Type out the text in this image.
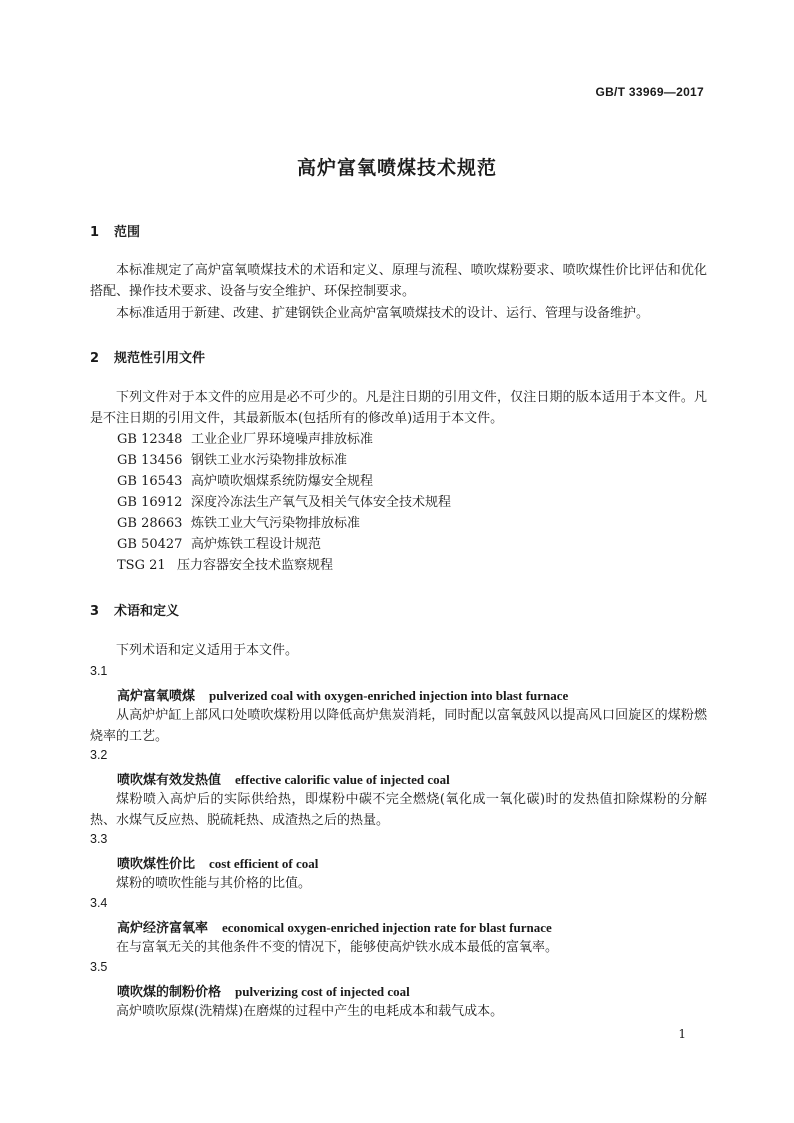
GB/T 33969—2017
高炉富氧喷煤技术规范
1 范围
本标准规定了高炉富氧喷煤技术的术语和定义、原理与流程、喷吹煤粉要求、喷吹煤性价比评估和优化搭配、操作技术要求、设备与安全维护、环保控制要求。
本标准适用于新建、改建、扩建钢铁企业高炉富氧喷煤技术的设计、运行、管理与设备维护。
2 规范性引用文件
下列文件对于本文件的应用是必不可少的。凡是注日期的引用文件，仅注日期的版本适用于本文件。凡是不注日期的引用文件，其最新版本(包括所有的修改单)适用于本文件。
GB 12348 工业企业厂界环境噪声排放标准
GB 13456 钢铁工业水污染物排放标准
GB 16543 高炉喷吹烟煤系统防爆安全规程
GB 16912 深度冷冻法生产氧气及相关气体安全技术规程
GB 28663 炼铁工业大气污染物排放标准
GB 50427 高炉炼铁工程设计规范
TSG 21 压力容器安全技术监察规程
3 术语和定义
下列术语和定义适用于本文件。
3.1
高炉富氧喷煤 pulverized coal with oxygen-enriched injection into blast furnace
从高炉炉缸上部风口处喷吹煤粉用以降低高炉焦炭消耗，同时配以富氧鼓风以提高风口回旋区的煤粉燃烧率的工艺。
3.2
喷吹煤有效发热值 effective calorific value of injected coal
煤粉喷入高炉后的实际供给热，即煤粉中碳不完全燃烧(氧化成一氧化碳)时的发热值扣除煤粉的分解热、水煤气反应热、脱硫耗热、成渣热之后的热量。
3.3
喷吹煤性价比 cost efficient of coal
煤粉的喷吹性能与其价格的比值。
3.4
高炉经济富氧率 economical oxygen-enriched injection rate for blast furnace
在与富氧无关的其他条件不变的情况下，能够使高炉铁水成本最低的富氧率。
3.5
喷吹煤的制粉价格 pulverizing cost of injected coal
高炉喷吹原煤(洗精煤)在磨煤的过程中产生的电耗成本和载气成本。
1
